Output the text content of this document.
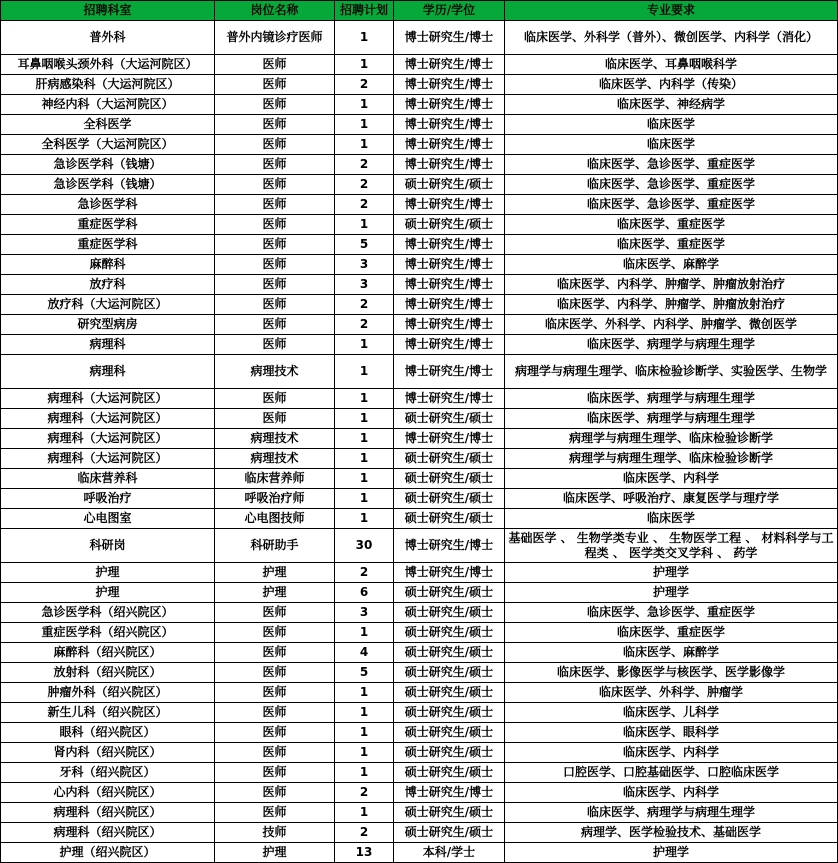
招聘科室	岗位名称	招聘计划	学历/学位	专业要求
普外科	普外内镜诊疗医师	1	博士研究生/博士	临床医学、外科学（普外）、微创医学、内科学（消化）
耳鼻咽喉头颈外科（大运河院区）	医师	1	博士研究生/博士	临床医学、耳鼻咽喉科学
肝病感染科（大运河院区）	医师	2	博士研究生/博士	临床医学、内科学（传染）
神经内科（大运河院区）	医师	1	博士研究生/博士	临床医学、神经病学
全科医学	医师	1	博士研究生/博士	临床医学
全科医学（大运河院区）	医师	1	博士研究生/博士	临床医学
急诊医学科（钱塘）	医师	2	博士研究生/博士	临床医学、急诊医学、重症医学
急诊医学科（钱塘）	医师	2	硕士研究生/硕士	临床医学、急诊医学、重症医学
急诊医学科	医师	2	博士研究生/博士	临床医学、急诊医学、重症医学
重症医学科	医师	1	硕士研究生/硕士	临床医学、重症医学
重症医学科	医师	5	博士研究生/博士	临床医学、重症医学
麻醉科	医师	3	博士研究生/博士	临床医学、麻醉学
放疗科	医师	3	博士研究生/博士	临床医学、内科学、肿瘤学、肿瘤放射治疗
放疗科（大运河院区）	医师	2	博士研究生/博士	临床医学、内科学、肿瘤学、肿瘤放射治疗
研究型病房	医师	2	博士研究生/博士	临床医学、外科学、内科学、肿瘤学、微创医学
病理科	医师	1	博士研究生/博士	临床医学、病理学与病理生理学
病理科	病理技术	1	博士研究生/博士	病理学与病理生理学、临床检验诊断学、实验医学、生物学
病理科（大运河院区）	医师	1	博士研究生/博士	临床医学、病理学与病理生理学
病理科（大运河院区）	医师	1	硕士研究生/硕士	临床医学、病理学与病理生理学
病理科（大运河院区）	病理技术	1	博士研究生/博士	病理学与病理生理学、临床检验诊断学
病理科（大运河院区）	病理技术	1	硕士研究生/硕士	病理学与病理生理学、临床检验诊断学
临床营养科	临床营养师	1	硕士研究生/硕士	临床医学、内科学
呼吸治疗	呼吸治疗师	1	硕士研究生/硕士	临床医学、呼吸治疗、康复医学与理疗学
心电图室	心电图技师	1	硕士研究生/硕士	临床医学
科研岗	科研助手	30	博士研究生/博士	基础医学 、 生物学类专业 、 生物医学工程 、 材料科学与工程类 、 医学类交叉学科 、 药学
护理	护理	2	博士研究生/博士	护理学
护理	护理	6	硕士研究生/硕士	护理学
急诊医学科（绍兴院区）	医师	3	硕士研究生/硕士	临床医学、急诊医学、重症医学
重症医学科（绍兴院区）	医师	1	硕士研究生/硕士	临床医学、重症医学
麻醉科（绍兴院区）	医师	4	硕士研究生/硕士	临床医学、麻醉学
放射科（绍兴院区）	医师	5	硕士研究生/硕士	临床医学、影像医学与核医学、医学影像学
肿瘤外科（绍兴院区）	医师	1	硕士研究生/硕士	临床医学、外科学、肿瘤学
新生儿科（绍兴院区）	医师	1	硕士研究生/硕士	临床医学、儿科学
眼科（绍兴院区）	医师	1	硕士研究生/硕士	临床医学、眼科学
肾内科（绍兴院区）	医师	1	硕士研究生/硕士	临床医学、内科学
牙科（绍兴院区）	医师	1	硕士研究生/硕士	口腔医学、口腔基础医学、口腔临床医学
心内科（绍兴院区）	医师	2	博士研究生/博士	临床医学、内科学
病理科（绍兴院区）	医师	1	硕士研究生/硕士	临床医学、病理学与病理生理学
病理科（绍兴院区）	技师	2	硕士研究生/硕士	病理学、医学检验技术、基础医学
护理（绍兴院区）	护理	13	本科/学士	护理学
